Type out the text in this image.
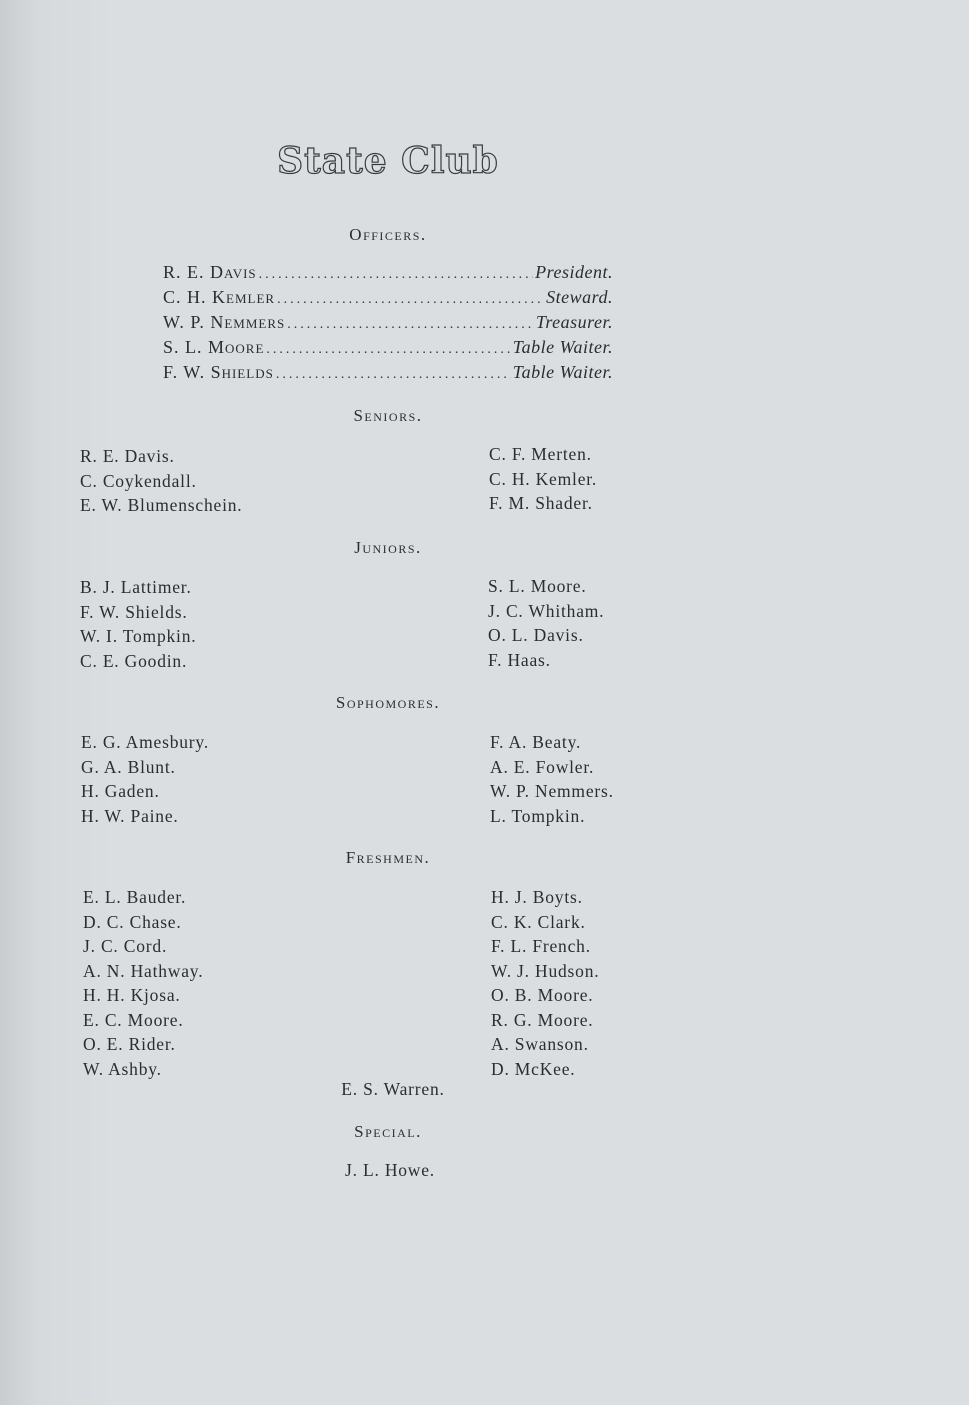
State Club
Officers.
R. E. Davis .....	President.
C. H. Kemler .....	Steward.
W. P. Nemmers .....	Treasurer.
S. L. Moore .....	Table Waiter.
F. W. Shields .....	Table Waiter.
Seniors.
R. E. Davis.
C. Coykendall.
E. W. Blumenschein.
C. F. Merten.
C. H. Kemler.
F. M. Shader.
Juniors.
B. J. Lattimer.
F. W. Shields.
W. I. Tompkin.
C. E. Goodin.
S. L. Moore.
J. C. Whitham.
O. L. Davis.
F. Haas.
Sophomores.
E. G. Amesbury.
G. A. Blunt.
H. Gaden.
H. W. Paine.
F. A. Beaty.
A. E. Fowler.
W. P. Nemmers.
L. Tompkin.
Freshmen.
E. L. Bauder.
D. C. Chase.
J. C. Cord.
A. N. Hathway.
H. H. Kjosa.
E. C. Moore.
O. E. Rider.
W. Ashby.
H. J. Boyts.
C. K. Clark.
F. L. French.
W. J. Hudson.
O. B. Moore.
R. G. Moore.
A. Swanson.
D. McKee.
E. S. Warren.
Special.
J. L. Howe.
